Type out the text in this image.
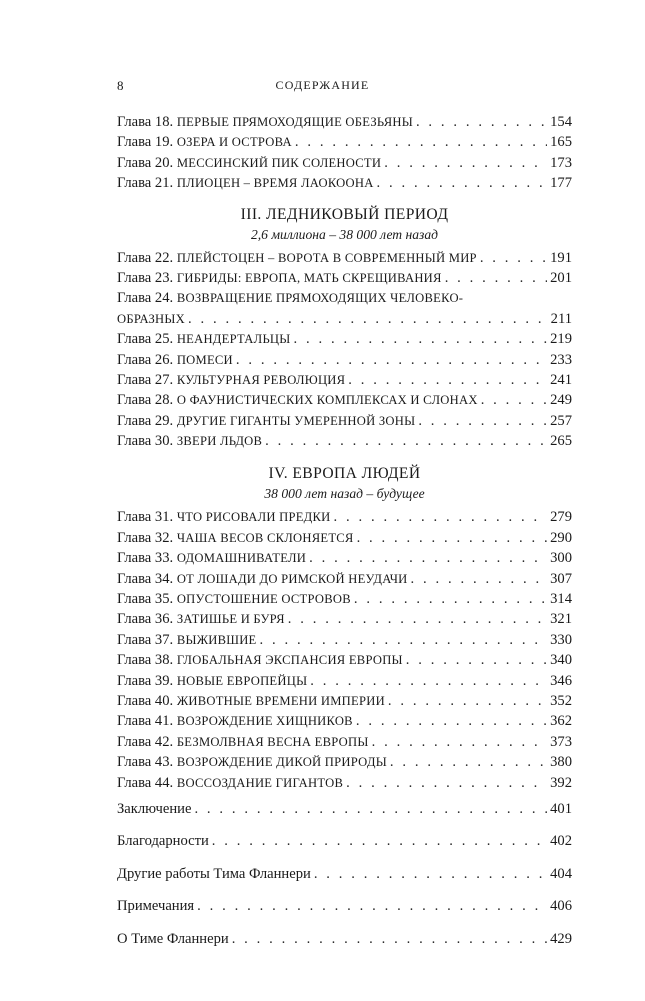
8	СОДЕРЖАНИЕ
Глава 18. ПЕРВЫЕ ПРЯМОХОДЯЩИЕ ОБЕЗЬЯНЫ . . .	154
Глава 19. ОЗЕРА И ОСТРОВА . . .	165
Глава 20. МЕССИНСКИЙ ПИК СОЛЕНОСТИ . . .	173
Глава 21. ПЛИОЦЕН – ВРЕМЯ ЛАОКООНА . . .	177
III. ЛЕДНИКОВЫЙ ПЕРИОД
2,6 миллиона – 38 000 лет назад
Глава 22. ПЛЕЙСТОЦЕН – ВОРОТА В СОВРЕМЕННЫЙ МИР . . .	191
Глава 23. ГИБРИДЫ: ЕВРОПА, МАТЬ СКРЕЩИВАНИЯ . . .	201
Глава 24. ВОЗВРАЩЕНИЕ ПРЯМОХОДЯЩИХ ЧЕЛОВЕКО-
ОБРАЗНЫХ . . .	211
Глава 25. НЕАНДЕРТАЛЬЦЫ . . .	219
Глава 26. ПОМЕСИ . . .	233
Глава 27. КУЛЬТУРНАЯ РЕВОЛЮЦИЯ . . .	241
Глава 28. О ФАУНИСТИЧЕСКИХ КОМПЛЕКСАХ И СЛОНАХ . . .	249
Глава 29. ДРУГИЕ ГИГАНТЫ УМЕРЕННОЙ ЗОНЫ . . .	257
Глава 30. ЗВЕРИ ЛЬДОВ . . .	265
IV. ЕВРОПА ЛЮДЕЙ
38 000 лет назад – будущее
Глава 31. ЧТО РИСОВАЛИ ПРЕДКИ . . .	279
Глава 32. ЧАША ВЕСОВ СКЛОНЯЕТСЯ . . .	290
Глава 33. ОДОМАШНИВАТЕЛИ . . .	300
Глава 34. ОТ ЛОШАДИ ДО РИМСКОЙ НЕУДАЧИ . . .	307
Глава 35. ОПУСТОШЕНИЕ ОСТРОВОВ . . .	314
Глава 36. ЗАТИШЬЕ И БУРЯ . . .	321
Глава 37. ВЫЖИВШИЕ . . .	330
Глава 38. ГЛОБАЛЬНАЯ ЭКСПАНСИЯ ЕВРОПЫ . . .	340
Глава 39. НОВЫЕ ЕВРОПЕЙЦЫ . . .	346
Глава 40. ЖИВОТНЫЕ ВРЕМЕНИ ИМПЕРИИ . . .	352
Глава 41. ВОЗРОЖДЕНИЕ ХИЩНИКОВ . . .	362
Глава 42. БЕЗМОЛВНАЯ ВЕСНА ЕВРОПЫ . . .	373
Глава 43. ВОЗРОЖДЕНИЕ ДИКОЙ ПРИРОДЫ . . .	380
Глава 44. ВОССОЗДАНИЕ ГИГАНТОВ . . .	392
Заключение . . .	401
Благодарности . . .	402
Другие работы Тима Фланнери . . .	404
Примечания . . .	406
О Тиме Фланнери . . .	429
